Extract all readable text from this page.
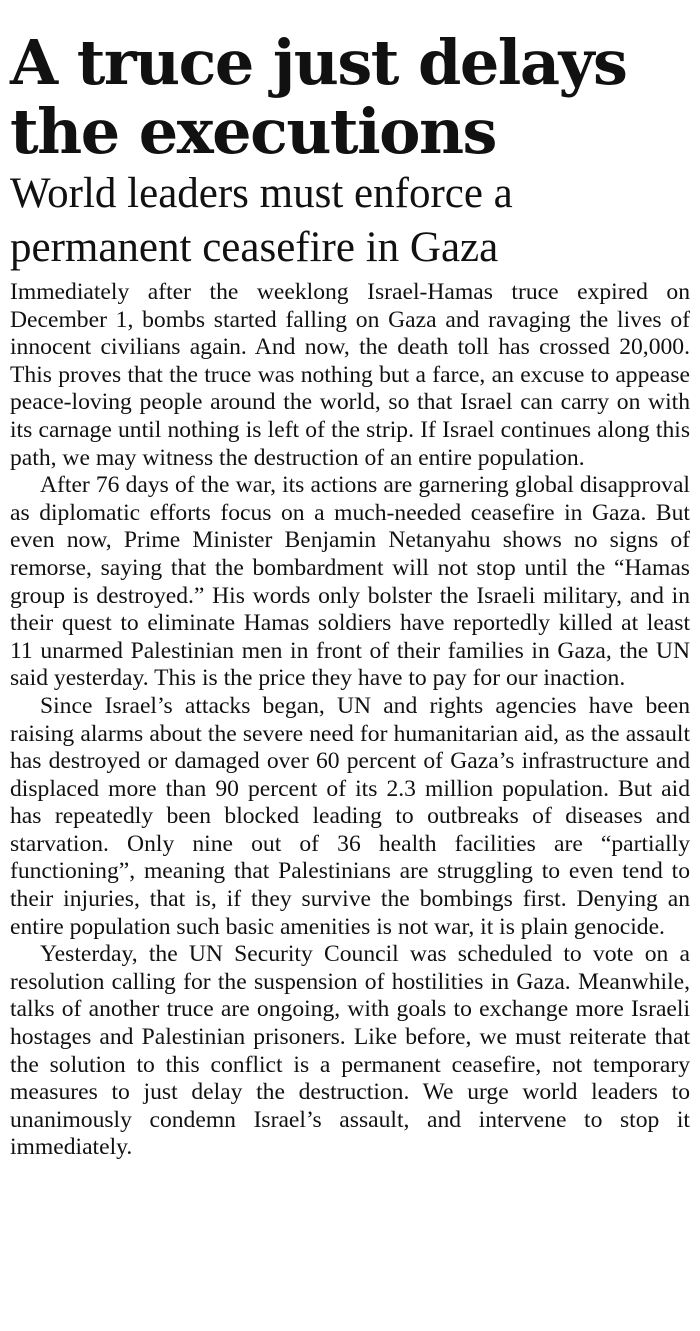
A truce just delays the executions
World leaders must enforce a permanent ceasefire in Gaza

Immediately after the weeklong Israel-Hamas truce expired on December 1, bombs started falling on Gaza and ravaging the lives of innocent civilians again. And now, the death toll has crossed 20,000. This proves that the truce was nothing but a farce, an excuse to appease peace-loving people around the world, so that Israel can carry on with its carnage until nothing is left of the strip. If Israel continues along this path, we may witness the destruction of an entire population.

After 76 days of the war, its actions are garnering global disapproval as diplomatic efforts focus on a much-needed ceasefire in Gaza. But even now, Prime Minister Benjamin Netanyahu shows no signs of remorse, saying that the bombardment will not stop until the “Hamas group is destroyed.” His words only bolster the Israeli military, and in their quest to eliminate Hamas soldiers have reportedly killed at least 11 unarmed Palestinian men in front of their families in Gaza, the UN said yesterday. This is the price they have to pay for our inaction.

Since Israel’s attacks began, UN and rights agencies have been raising alarms about the severe need for humanitarian aid, as the assault has destroyed or damaged over 60 percent of Gaza’s infrastructure and displaced more than 90 percent of its 2.3 million population. But aid has repeatedly been blocked leading to outbreaks of diseases and starvation. Only nine out of 36 health facilities are “partially functioning”, meaning that Palestinians are struggling to even tend to their injuries, that is, if they survive the bombings first. Denying an entire population such basic amenities is not war, it is plain genocide.

Yesterday, the UN Security Council was scheduled to vote on a resolution calling for the suspension of hostilities in Gaza. Meanwhile, talks of another truce are ongoing, with goals to exchange more Israeli hostages and Palestinian prisoners. Like before, we must reiterate that the solution to this conflict is a permanent ceasefire, not temporary measures to just delay the destruction. We urge world leaders to unanimously condemn Israel’s assault, and intervene to stop it immediately.
